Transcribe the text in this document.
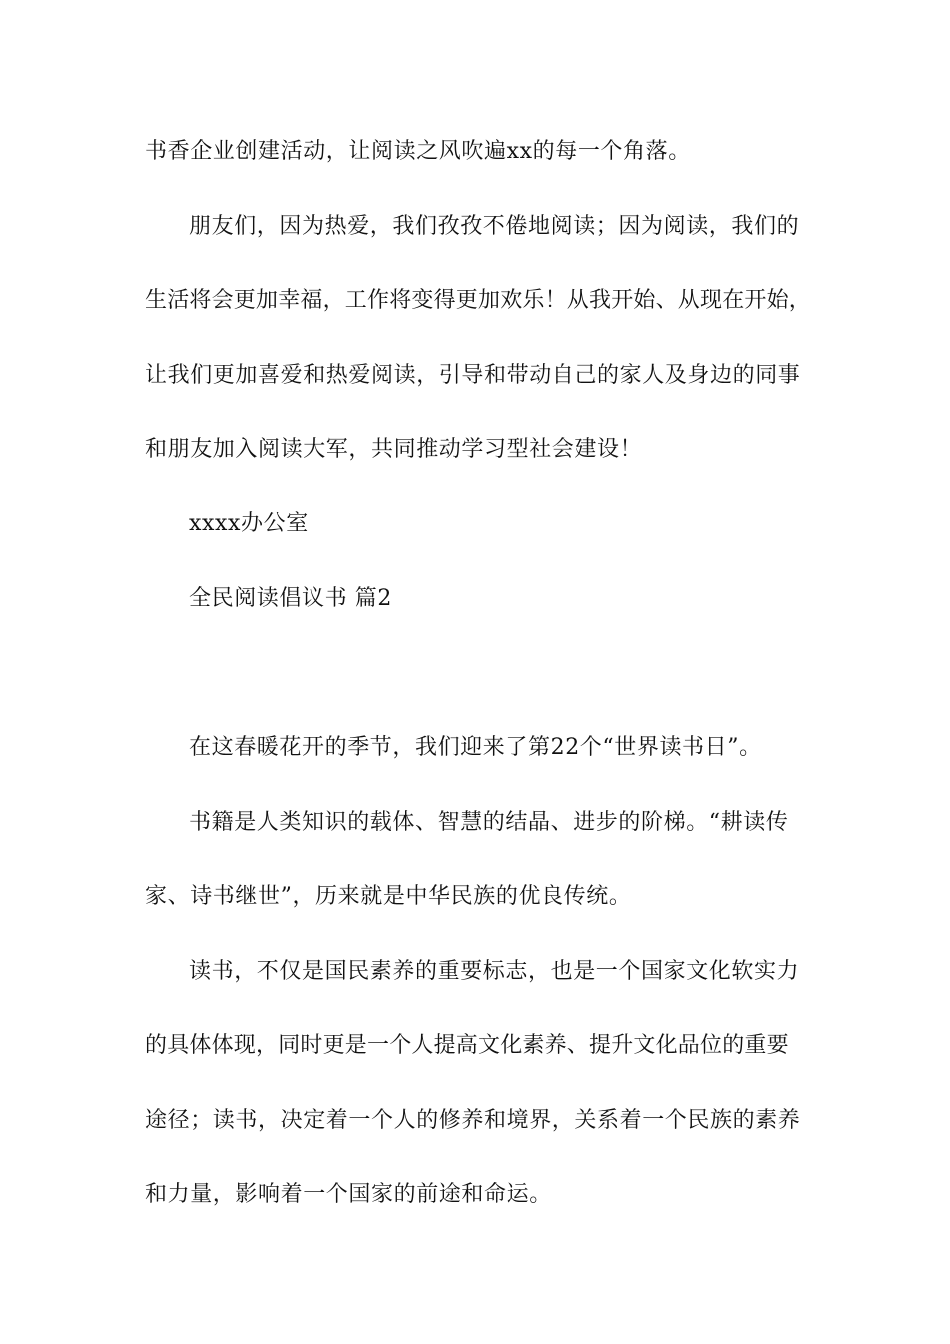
书香企业创建活动，让阅读之风吹遍xx的每一个角落。
朋友们，因为热爱，我们孜孜不倦地阅读；因为阅读，我们的
生活将会更加幸福，工作将变得更加欢乐！从我开始、从现在开始，
让我们更加喜爱和热爱阅读，引导和带动自己的家人及身边的同事
和朋友加入阅读大军，共同推动学习型社会建设！
xxxx办公室
全民阅读倡议书 篇2
在这春暖花开的季节，我们迎来了第22个“世界读书日”。
书籍是人类知识的载体、智慧的结晶、进步的阶梯。“耕读传
家、诗书继世”，历来就是中华民族的优良传统。
读书，不仅是国民素养的重要标志，也是一个国家文化软实力
的具体体现，同时更是一个人提高文化素养、提升文化品位的重要
途径；读书，决定着一个人的修养和境界，关系着一个民族的素养
和力量，影响着一个国家的前途和命运。
